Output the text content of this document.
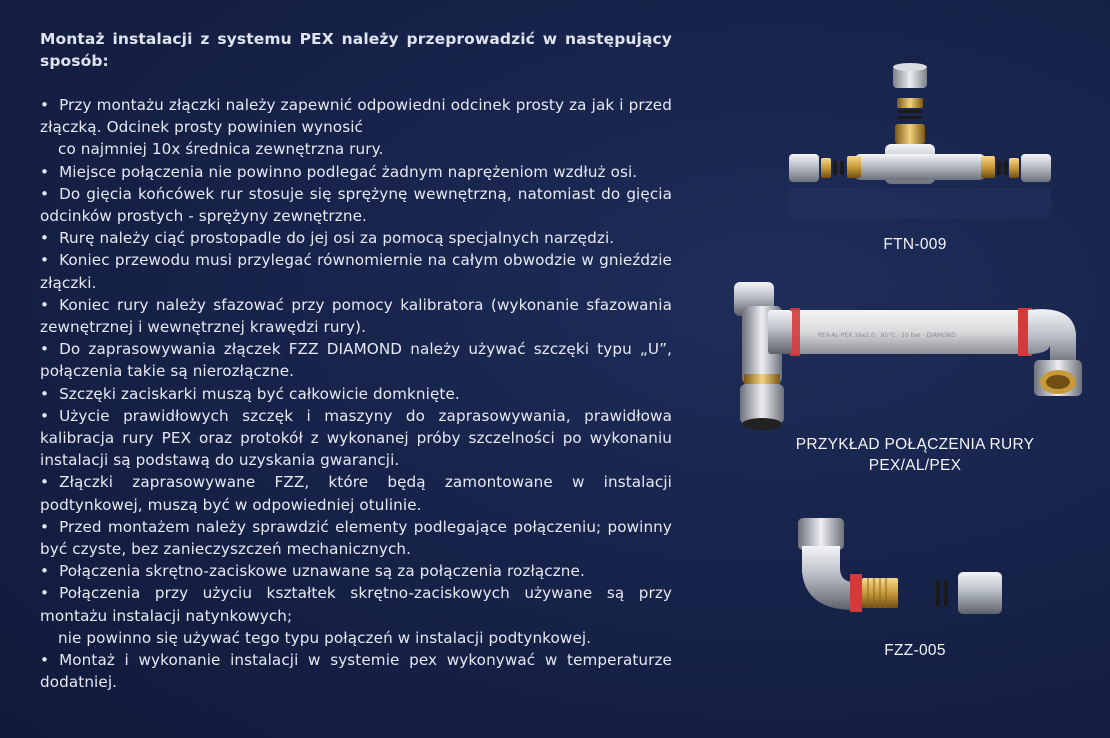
Montaż instalacji z systemu PEX należy przeprowadzić w następujący sposób:
• Przy montażu złączki należy zapewnić odpowiedni odcinek prosty za jak i przed złączką. Odcinek prosty powinien wynosić
co najmniej 10x średnica zewnętrzna rury.
• Miejsce połączenia nie powinno podlegać żadnym naprężeniom wzdłuż osi.
• Do gięcia końcówek rur stosuje się sprężynę wewnętrzną, natomiast do gięcia odcinków prostych - sprężyny zewnętrzne.
• Rurę należy ciąć prostopadle do jej osi za pomocą specjalnych narzędzi.
• Koniec przewodu musi przylegać równomiernie na całym obwodzie w gnieździe złączki.
• Koniec rury należy sfazować przy pomocy kalibratora (wykonanie sfazowania zewnętrznej i wewnętrznej krawędzi rury).
• Do zaprasowywania złączek FZZ DIAMOND należy używać szczęki typu „U”, połączenia takie są nierozłączne.
• Szczęki zaciskarki muszą być całkowicie domknięte.
• Użycie prawidłowych szczęk i maszyny do zaprasowywania, prawidłowa kalibracja rury PEX oraz protokół z wykonanej próby szczelności po wykonaniu instalacji są podstawą do uzyskania gwarancji.
• Złączki zaprasowywane FZZ, które będą zamontowane w instalacji podtynkowej, muszą być w odpowiedniej otulinie.
• Przed montażem należy sprawdzić elementy podlegające połączeniu; powinny być czyste, bez zanieczyszczeń mechanicznych.
• Połączenia skrętno-zaciskowe uznawane są za połączenia rozłączne.
• Połączenia przy użyciu kształtek skrętno-zaciskowych używane są przy montażu instalacji natynkowych;
nie powinno się używać tego typu połączeń w instalacji podtynkowej.
• Montaż i wykonanie instalacji w systemie pex wykonywać w temperaturze dodatniej.
FTN-009
PEX-AL-PEX 16x2,0 · 95°C · 10 bar · DIAMOND
PRZYKŁAD POŁĄCZENIA RURY
PEX/AL/PEX
FZZ-005
